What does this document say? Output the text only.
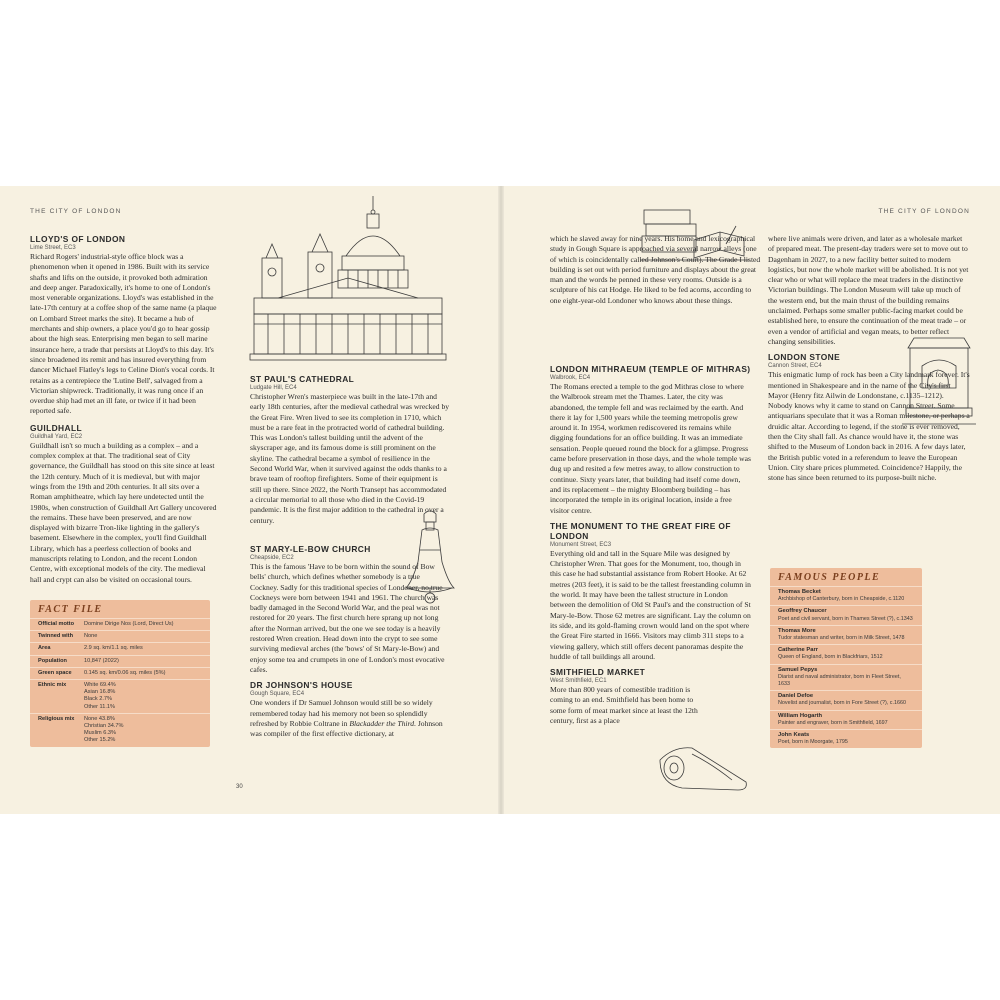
THE CITY OF LONDON	THE CITY OF LONDON

LLOYD'S OF LONDON

Lime Street, EC3

Richard Rogers' industrial-style office block was a phenomenon when it opened in 1986. Built with its service shafts and lifts on the outside, it provoked both admiration and deep anger. Paradoxically, it's home to one of London's most venerable organizations. Lloyd's was established in the late-17th century at a coffee shop of the same name (a plaque on Lombard Street marks the site). It became a hub of merchants and ship owners, a place you'd go to hear gossip about the high seas. Enterprising men began to sell marine insurance here, a trade that persists at Lloyd's to this day. It's since broadened its remit and has insured everything from dancer Michael Flatley's legs to Celine Dion's vocal cords. It retains as a centrepiece the 'Lutine Bell', salvaged from a Victorian shipwreck. Traditionally, it was rung once if an overdue ship had met an ill fate, or twice if it had been reported safe.

GUILDHALL

Guildhall Yard, EC2

Guildhall isn't so much a building as a complex – and a complex complex at that. The traditional seat of City governance, the Guildhall has stood on this site since at least the 12th century. Much of it is medieval, but with major wings from the 19th and 20th centuries. It all sits over a Roman amphitheatre, which lay here undetected until the 1980s, when construction of Guildhall Art Gallery uncovered the remains. These have been preserved, and are now displayed with bizarre Tron-like lighting in the gallery's basement. Elsewhere in the complex, you'll find Guildhall Library, which has a peerless collection of books and manuscripts relating to London, and the recent London Centre, with exceptional models of the city. The medieval hall and crypt can also be visited on occasional tours.

FACT FILE
Official motto	Domine Dirige Nos (Lord, Direct Us)
Twinned with	None
Area	2.9 sq. km/1.1 sq. miles
Population	10,847 (2022)
Green space	0.145 sq. km/0.06 sq. miles (5%)
Ethnic mix	White 69.4%
Asian 16.8%
Black 2.7%
Other 11.1%
Religious mix	None 43.8%
Christian 34.7%
Muslim 6.3%
Other 15.2%

ST PAUL'S CATHEDRAL

Ludgate Hill, EC4

Christopher Wren's masterpiece was built in the late-17th and early 18th centuries, after the medieval cathedral was wrecked by the Great Fire. Wren lived to see its completion in 1710, which must be a rare feat in the protracted world of cathedral building. This was London's tallest building until the advent of the skyscraper age, and its famous dome is still prominent on the skyline. The cathedral became a symbol of resilience in the Second World War, when it survived against the odds thanks to a brave team of rooftop firefighters. Some of their equipment is still up there. Since 2022, the North Transept has accommodated a circular memorial to all those who died in the Covid-19 pandemic. It is the first major addition to the cathedral in over a century.

ST MARY-LE-BOW CHURCH

Cheapside, EC2

This is the famous 'Have to be born within the sound of Bow bells' church, which defines whether somebody is a true Cockney. Sadly for this traditional species of Londoner, no true Cockneys were born between 1941 and 1961. The church was badly damaged in the Second World War, and the peal was not restored for 20 years. The first church here sprang up not long after the Norman arrived, but the one we see today is a heavily restored Wren creation. Head down into the crypt to see some surviving medieval arches (the 'bows' of St Mary-le-Bow) and enjoy some tea and crumpets in one of London's most evocative cafes.

DR JOHNSON'S HOUSE

Gough Square, EC4

One wonders if Dr Samuel Johnson would still be so widely remembered today had his memory not been so splendidly refreshed by Robbie Coltrane in Blackadder the Third. Johnson was compiler of the first effective dictionary, at

30

which he slaved away for nine years. His home and lexicographical study in Gough Square is approached via several narrow alleys (one of which is coincidentally called Johnson's Court). The Grade I listed building is set out with period furniture and displays about the great man and the words he penned in these very rooms. Outside is a sculpture of his cat Hodge. He liked to be fed acorns, according to one eight-year-old Londoner who knows about these things.

LONDON MITHRAEUM (TEMPLE OF MITHRAS)

Walbrook, EC4

The Romans erected a temple to the god Mithras close to where the Walbrook stream met the Thames. Later, the city was abandoned, the temple fell and was reclaimed by the earth. And there it lay for 1,500 years while the teeming metropolis grew around it. In 1954, workmen rediscovered its remains while digging foundations for an office building. It was an immediate sensation. People queued round the block for a glimpse. Progress came before preservation in those days, and the whole temple was dug up and resited a few metres away, to allow construction to continue. Sixty years later, that building had itself come down, and its replacement – the mighty Bloomberg building – has incorporated the temple in its original location, inside a free visitor centre.

THE MONUMENT TO THE GREAT FIRE OF LONDON

Monument Street, EC3

Everything old and tall in the Square Mile was designed by Christopher Wren. That goes for the Monument, too, though in this case he had substantial assistance from Robert Hooke. At 62 metres (203 feet), it is said to be the tallest freestanding column in the world. It may have been the tallest structure in London between the demolition of Old St Paul's and the construction of St Mary-le-Bow. Those 62 metres are significant. Lay the column on its side, and its gold-flaming crown would land on the spot where the Great Fire started in 1666. Visitors may climb 311 steps to a viewing gallery, which still offers decent panoramas despite the huddle of tall buildings all around.

SMITHFIELD MARKET

West Smithfield, EC1

More than 800 years of comestible tradition is coming to an end. Smithfield has been home to some form of meat market since at least the 12th century, first as a place

where live animals were driven, and later as a wholesale market of prepared meat. The present-day traders were set to move out to Dagenham in 2027, to a new facility better suited to modern logistics, but now the whole market will be abolished. It is not yet clear who or what will replace the meat traders in the distinctive Victorian buildings. The London Museum will take up much of the western end, but the main thrust of the building remains unclaimed. Perhaps some smaller public-facing market could be established here, to ensure the continuation of the meat trade – or even a vendor of artificial and vegan meats, to better reflect changing sensibilities.

LONDON STONE

Cannon Street, EC4

This enigmatic lump of rock has been a City landmark forever. It's mentioned in Shakespeare and in the name of the City's first Mayor (Henry fitz Ailwin de Londonstane, c.1135–1212). Nobody knows why it came to stand on Cannon Street. Some antiquarians speculate that it was a Roman milestone, or perhaps a druidic altar. According to legend, if the stone is ever removed, then the City shall fall. As chance would have it, the stone was shifted to the Museum of London back in 2016. A few days later, the British public voted in a referendum to leave the European Union. City share prices plummeted. Coincidence? Happily, the stone has since been returned to its purpose-built niche.

FAMOUS PEOPLE
Thomas Becket
Archbishop of Canterbury, born in Cheapside, c.1120
Geoffrey Chaucer
Poet and civil servant, born in Thames Street (?), c.1343
Thomas More
Tudor statesman and writer, born in Milk Street, 1478
Catherine Parr
Queen of England, born in Blackfriars, 1512
Samuel Pepys
Diarist and naval administrator, born in Fleet Street, 1633
Daniel Defoe
Novelist and journalist, born in Fore Street (?), c.1660
William Hogarth
Painter and engraver, born in Smithfield, 1697
John Keats
Poet, born in Moorgate, 1795
